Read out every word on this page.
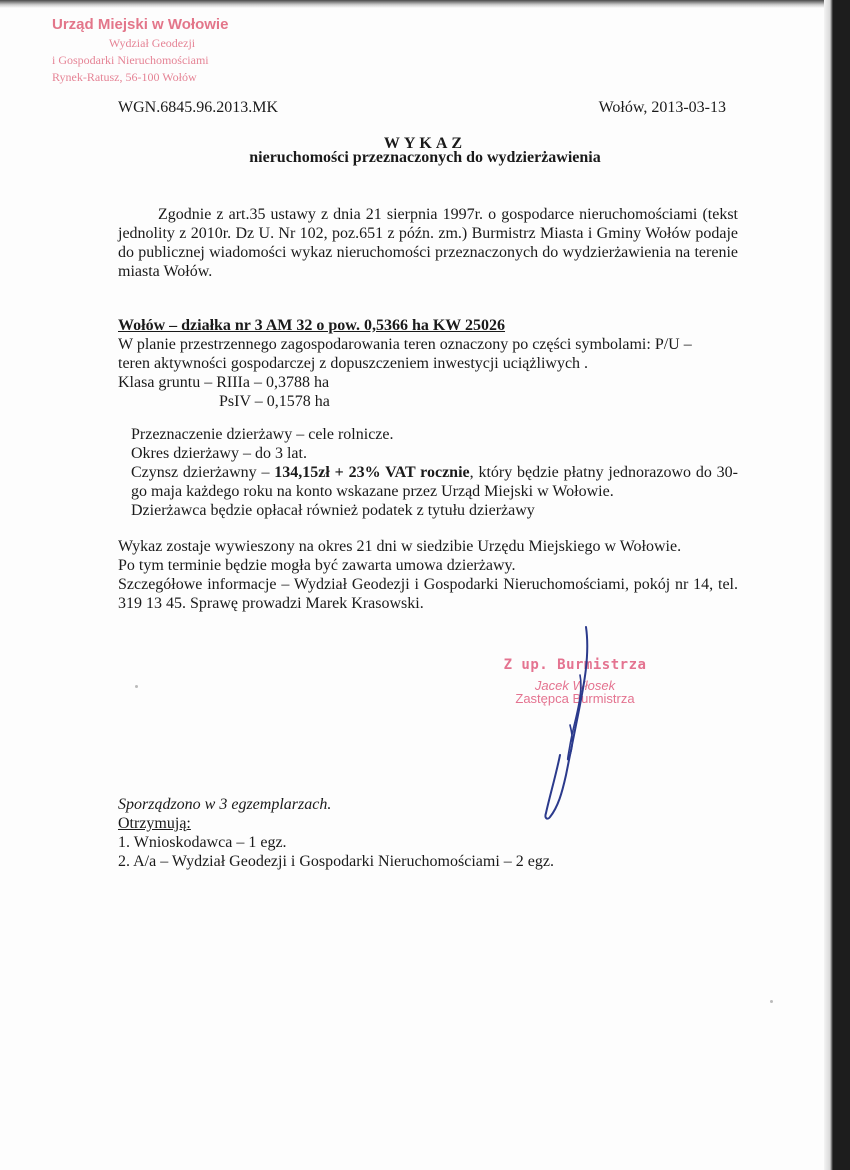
Urząd Miejski w Wołowie
Wydział Geodezji
i Gospodarki Nieruchomościami
Rynek-Ratusz, 56-100 Wołów

WGN.6845.96.2013.MK	Wołów, 2013-03-13

WYKAZ

nieruchomości przeznaczonych do wydzierżawienia

Zgodnie z art.35 ustawy z dnia 21 sierpnia 1997r. o gospodarce nieruchomościami (tekst jednolity z 2010r. Dz U. Nr 102, poz.651 z późn. zm.) Burmistrz Miasta i Gminy Wołów podaje do publicznej wiadomości wykaz nieruchomości przeznaczonych do wydzierżawienia na terenie miasta Wołów.

Wołów – działka nr 3 AM 32 o pow. 0,5366 ha KW 25026
W planie przestrzennego zagospodarowania teren oznaczony po części symbolami: P/U –
teren aktywności gospodarczej z dopuszczeniem inwestycji uciążliwych .
Klasa gruntu – RIIIa – 0,3788 ha
PsIV – 0,1578 ha
Przeznaczenie dzierżawy – cele rolnicze.
Okres dzierżawy – do 3 lat.
Czynsz dzierżawny – 134,15zł + 23% VAT rocznie, który będzie płatny jednorazowo do 30-go maja każdego roku na konto wskazane przez Urząd Miejski w Wołowie.
Dzierżawca będzie opłacał również podatek z tytułu dzierżawy
Wykaz zostaje wywieszony na okres 21 dni w siedzibie Urzędu Miejskiego w Wołowie.
Po tym terminie będzie mogła być zawarta umowa dzierżawy.
Szczegółowe informacje – Wydział Geodezji i Gospodarki Nieruchomościami, pokój nr 14, tel. 319 13 45. Sprawę prowadzi Marek Krasowski.
Z up. Burmistrza
Jacek Włosek
Zastępca Burmistrza
Sporządzono w 3 egzemplarzach.
Otrzymują:
1. Wnioskodawca – 1 egz.
2. A/a – Wydział Geodezji i Gospodarki Nieruchomościami – 2 egz.
